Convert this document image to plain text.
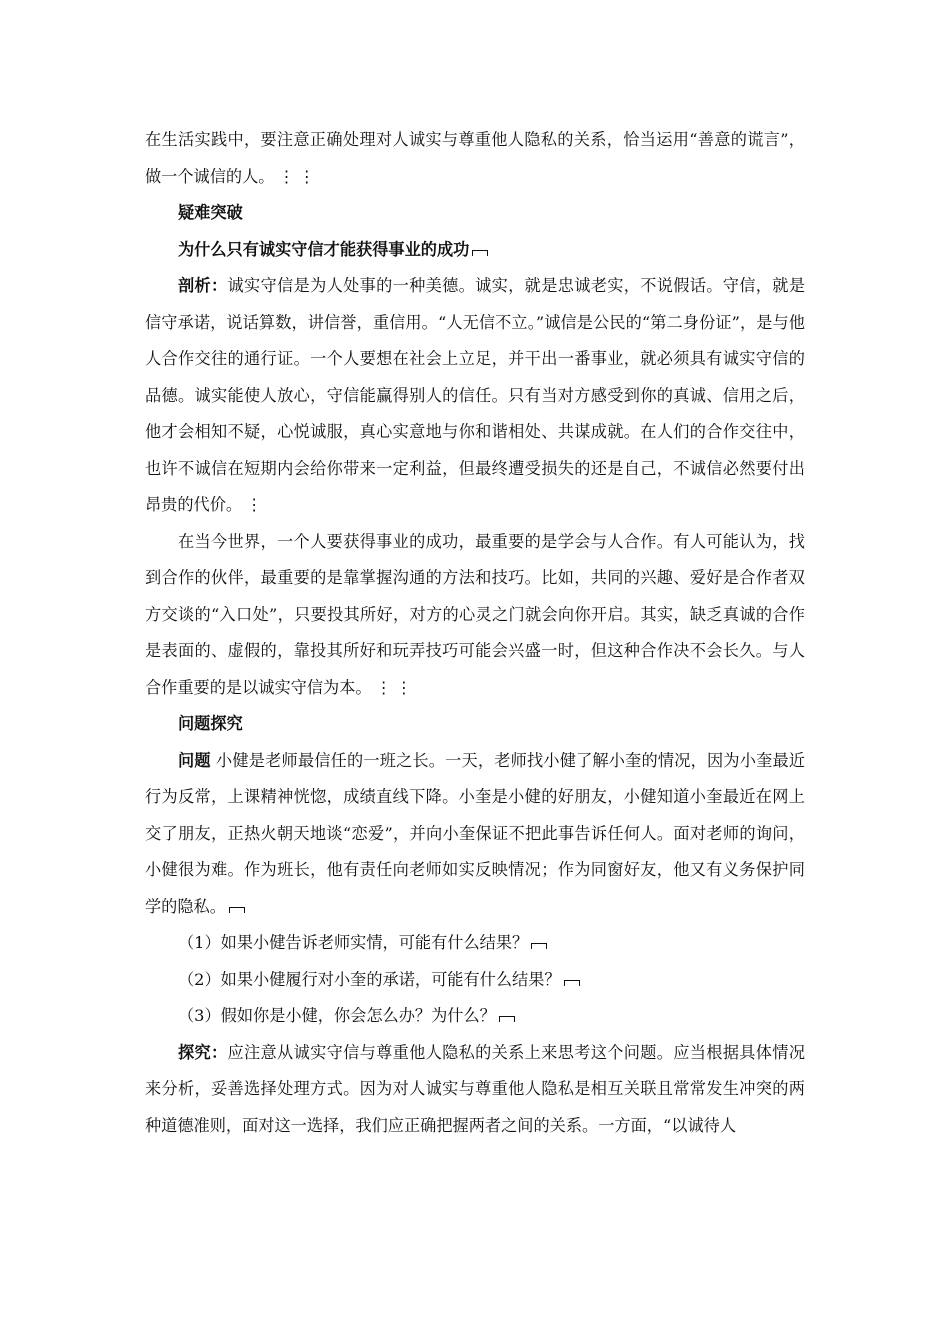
在生活实践中，要注意正确处理对人诚实与尊重他人隐私的关系，恰当运用“善意的谎言”，做一个诚信的人。 ⋮⋮

疑难突破

为什么只有诚实守信才能获得事业的成功

剖析：诚实守信是为人处事的一种美德。诚实，就是忠诚老实，不说假话。守信，就是信守承诺，说话算数，讲信誉，重信用。“人无信不立。”诚信是公民的“第二身份证”，是与他人合作交往的通行证。一个人要想在社会上立足，并干出一番事业，就必须具有诚实守信的品德。诚实能使人放心，守信能赢得别人的信任。只有当对方感受到你的真诚、信用之后，他才会相知不疑，心悦诚服，真心实意地与你和谐相处、共谋成就。在人们的合作交往中，也许不诚信在短期内会给你带来一定利益，但最终遭受损失的还是自己，不诚信必然要付出昂贵的代价。 ⋮

在当今世界，一个人要获得事业的成功，最重要的是学会与人合作。有人可能认为，找到合作的伙伴，最重要的是靠掌握沟通的方法和技巧。比如，共同的兴趣、爱好是合作者双方交谈的“入口处”，只要投其所好，对方的心灵之门就会向你开启。其实，缺乏真诚的合作是表面的、虚假的，靠投其所好和玩弄技巧可能会兴盛一时，但这种合作决不会长久。与人合作重要的是以诚实守信为本。 ⋮⋮

问题探究

问题 小健是老师最信任的一班之长。一天，老师找小健了解小奎的情况，因为小奎最近行为反常，上课精神恍惚，成绩直线下降。小奎是小健的好朋友，小健知道小奎最近在网上交了朋友，正热火朝天地谈“恋爱”，并向小奎保证不把此事告诉任何人。面对老师的询问，小健很为难。作为班长，他有责任向老师如实反映情况；作为同窗好友，他又有义务保护同学的隐私。

（1）如果小健告诉老师实情，可能有什么结果？

（2）如果小健履行对小奎的承诺，可能有什么结果？

（3）假如你是小健，你会怎么办？为什么？

探究：应注意从诚实守信与尊重他人隐私的关系上来思考这个问题。应当根据具体情况来分析，妥善选择处理方式。因为对人诚实与尊重他人隐私是相互关联且常常发生冲突的两种道德准则，面对这一选择，我们应正确把握两者之间的关系。一方面，“以诚待人
